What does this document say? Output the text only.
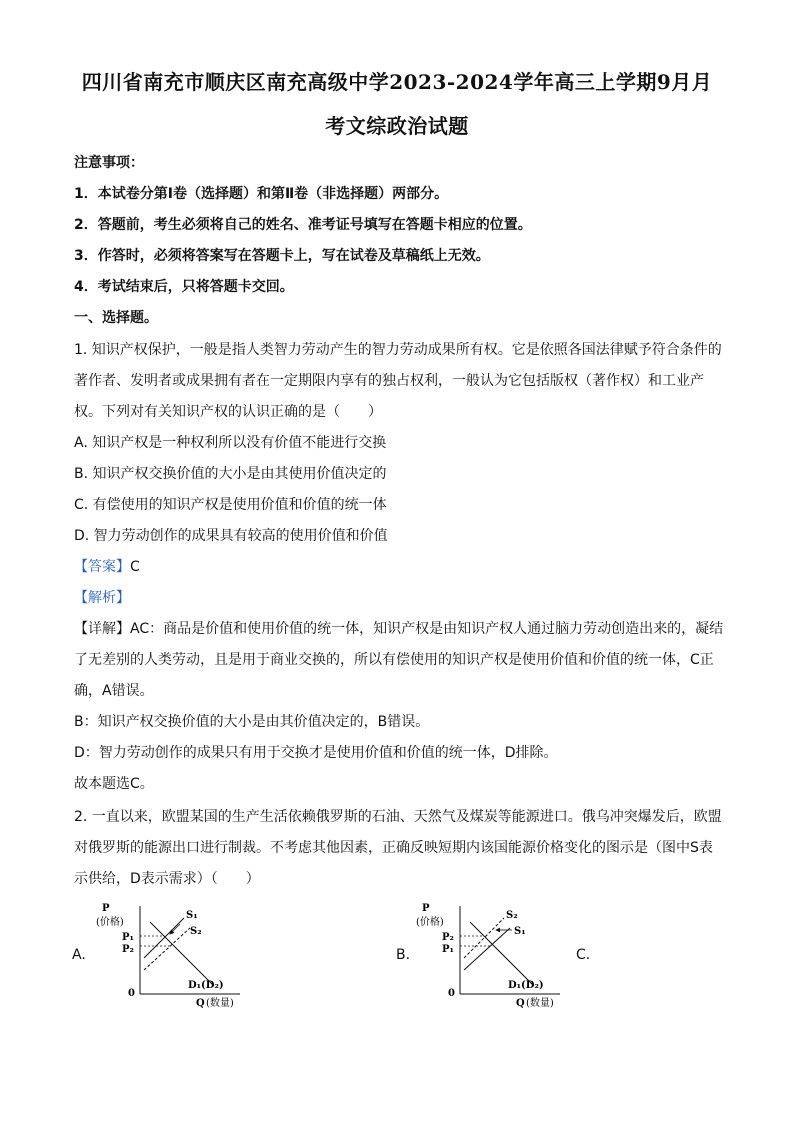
四川省南充市顺庆区南充高级中学2023-2024学年高三上学期9月月
考文综政治试题
注意事项：
1．本试卷分第Ⅰ卷（选择题）和第Ⅱ卷（非选择题）两部分。
2．答题前，考生必须将自己的姓名、准考证号填写在答题卡相应的位置。
3．作答时，必须将答案写在答题卡上，写在试卷及草稿纸上无效。
4．考试结束后，只将答题卡交回。
一、选择题。
1. 知识产权保护，一般是指人类智力劳动产生的智力劳动成果所有权。它是依照各国法律赋予符合条件的
著作者、发明者或成果拥有者在一定期限内享有的独占权利，一般认为它包括版权（著作权）和工业产
权。下列对有关知识产权的认识正确的是（　　）
A. 知识产权是一种权利所以没有价值不能进行交换
B. 知识产权交换价值的大小是由其使用价值决定的
C. 有偿使用的知识产权是使用价值和价值的统一体
D. 智力劳动创作的成果具有较高的使用价值和价值
【答案】C
【解析】
【详解】AC：商品是价值和使用价值的统一体，知识产权是由知识产权人通过脑力劳动创造出来的，凝结
了无差别的人类劳动，且是用于商业交换的，所以有偿使用的知识产权是使用价值和价值的统一体，C正
确，A错误。
B：知识产权交换价值的大小是由其价值决定的，B错误。
D：智力劳动创作的成果只有用于交换才是使用价值和价值的统一体，D排除。
故本题选C。
2. 一直以来，欧盟某国的生产生活依赖俄罗斯的石油、天然气及煤炭等能源进口。俄乌冲突爆发后，欧盟
对俄罗斯的能源出口进行制裁。不考虑其他因素，正确反映短期内该国能源价格变化的图示是（图中S表
示供给，D表示需求）（　　）
A.	B.	C.
P
(价格)
0
Q (数量)
P₁
P₂
S₁
S₂
D₁(D₂)
P
(价格)
0
Q (数量)
P₂
P₁
S₂
S₁
D₁(D₂)
